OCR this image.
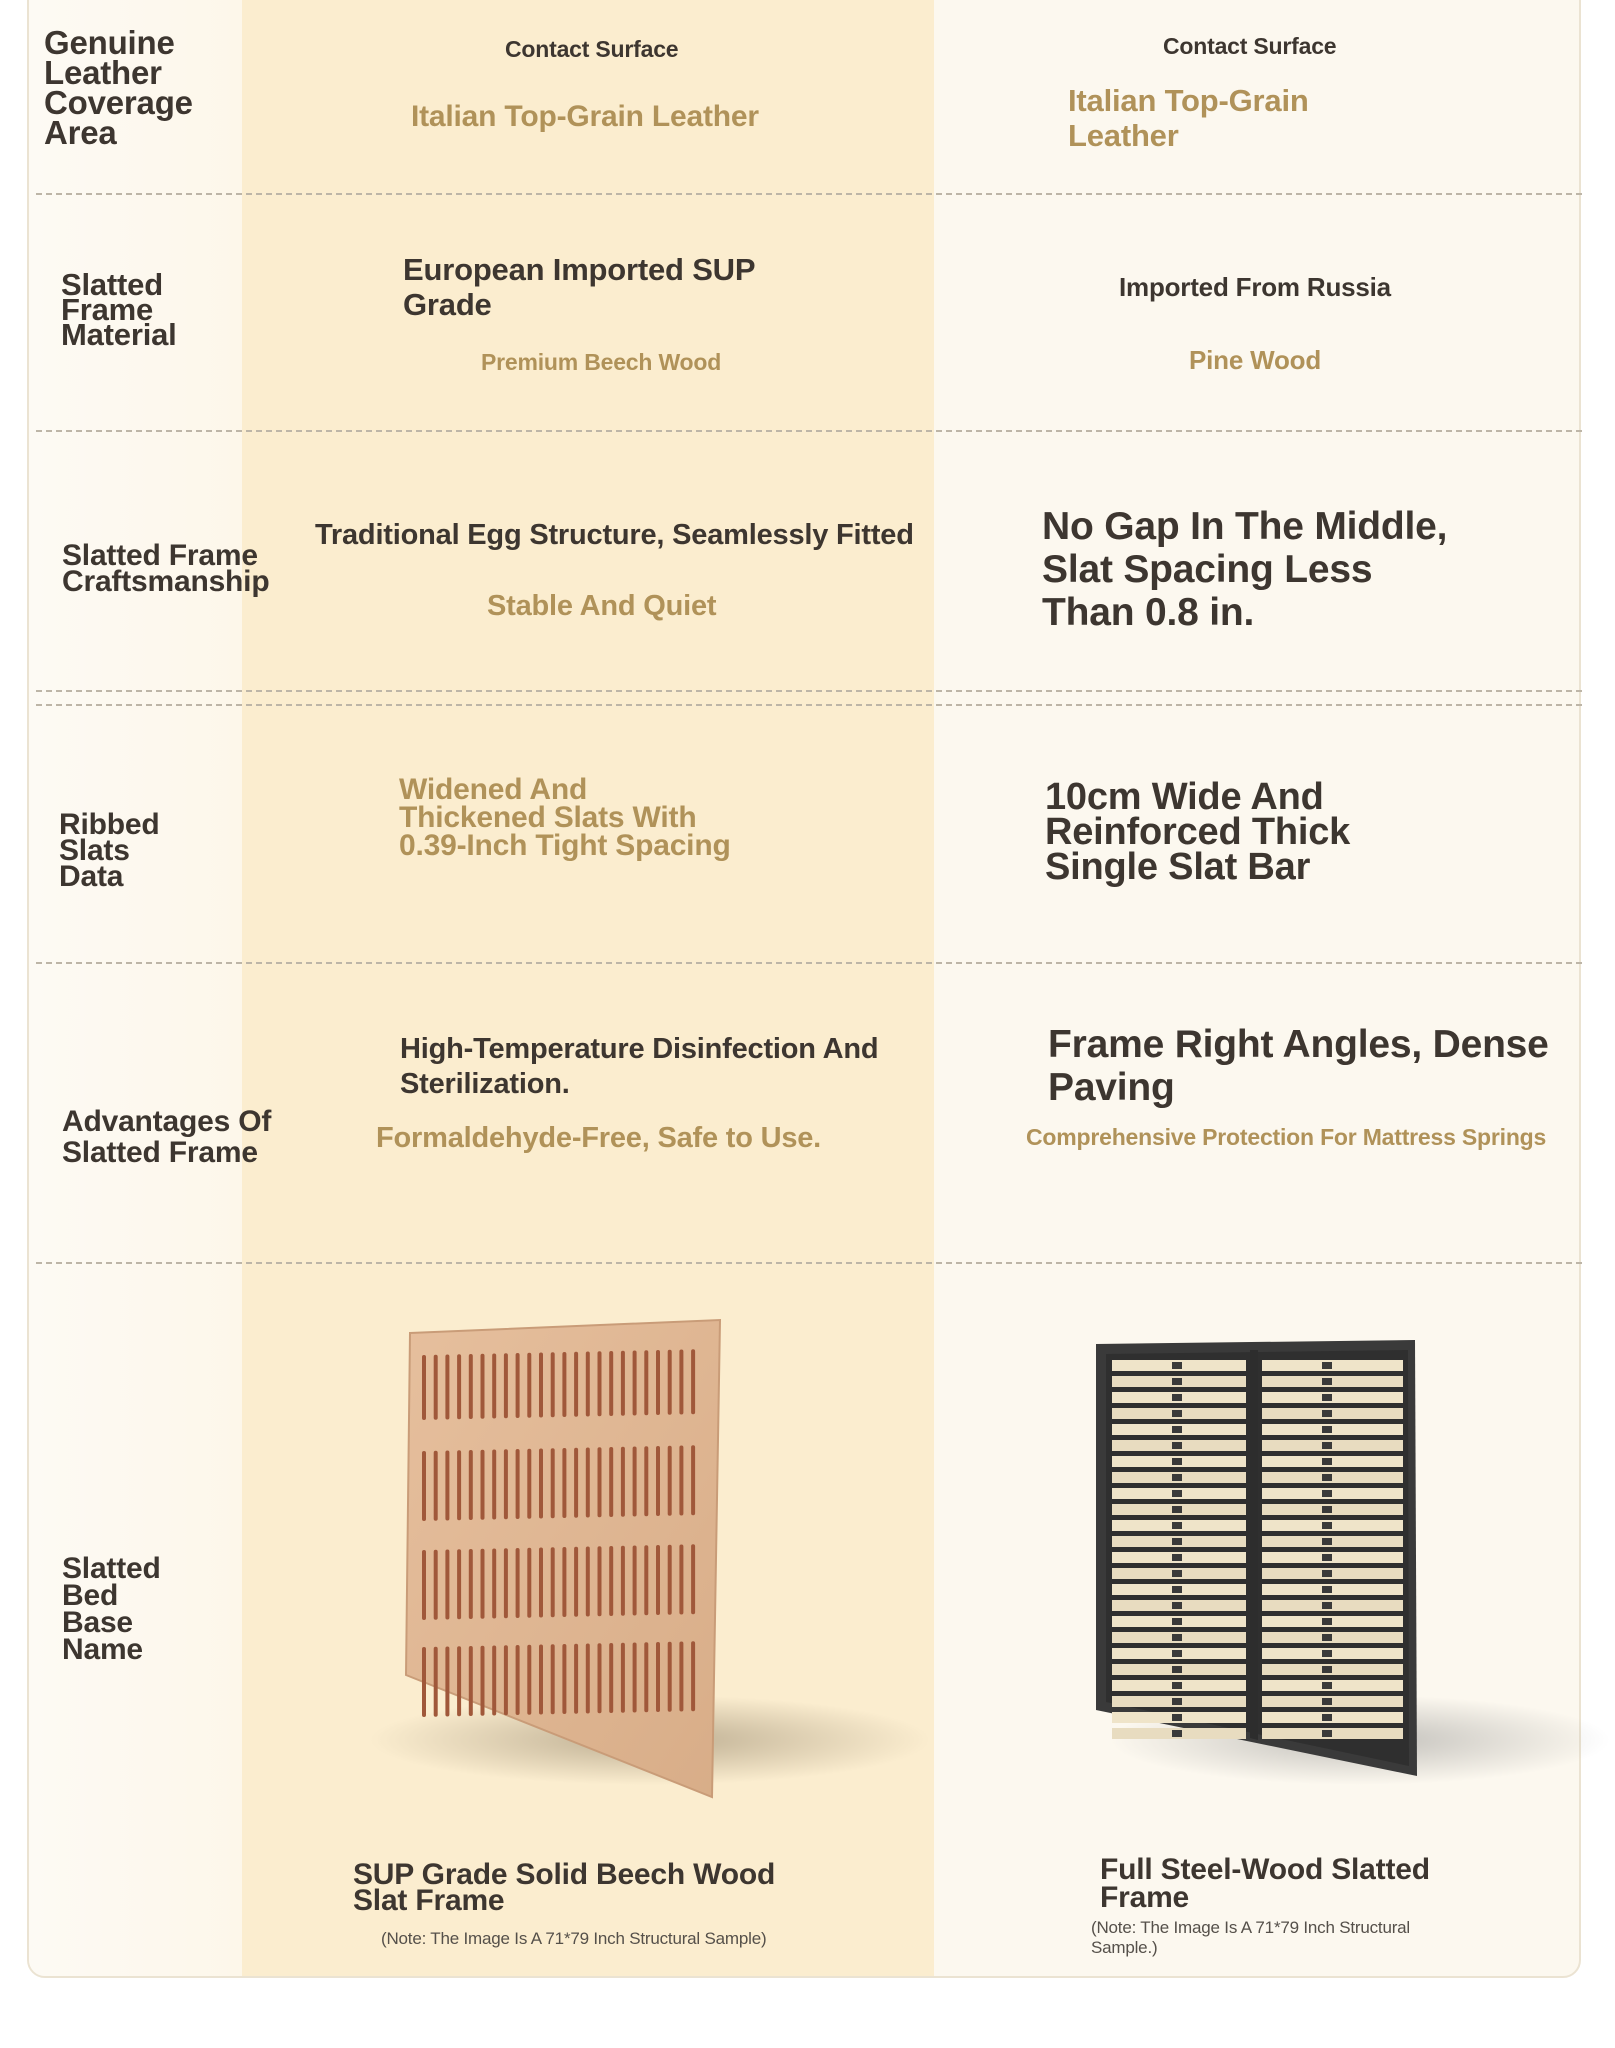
Genuine Leather Coverage Area
Contact Surface
Italian Top-Grain Leather
Contact Surface
Italian Top-Grain Leather
Slatted Frame Material
European Imported SUP Grade
Premium Beech Wood
Imported From Russia
Pine Wood
Slatted Frame Craftsmanship
Traditional Egg Structure, Seamlessly Fitted
Stable And Quiet
No Gap In The Middle, Slat Spacing Less Than 0.8 in.
Ribbed Slats Data
Widened And Thickened Slats With 0.39-Inch Tight Spacing
10cm Wide And Reinforced Thick Single Slat Bar
Advantages Of Slatted Frame
High-Temperature Disinfection And Sterilization.
Formaldehyde-Free, Safe to Use.
Frame Right Angles, Dense Paving
Comprehensive Protection For Mattress Springs
Slatted Bed Base Name
SUP Grade Solid Beech Wood Slat Frame
(Note: The Image Is A 71*79 Inch Structural Sample)
Full Steel-Wood Slatted Frame
(Note: The Image Is A 71*79 Inch Structural Sample.)
